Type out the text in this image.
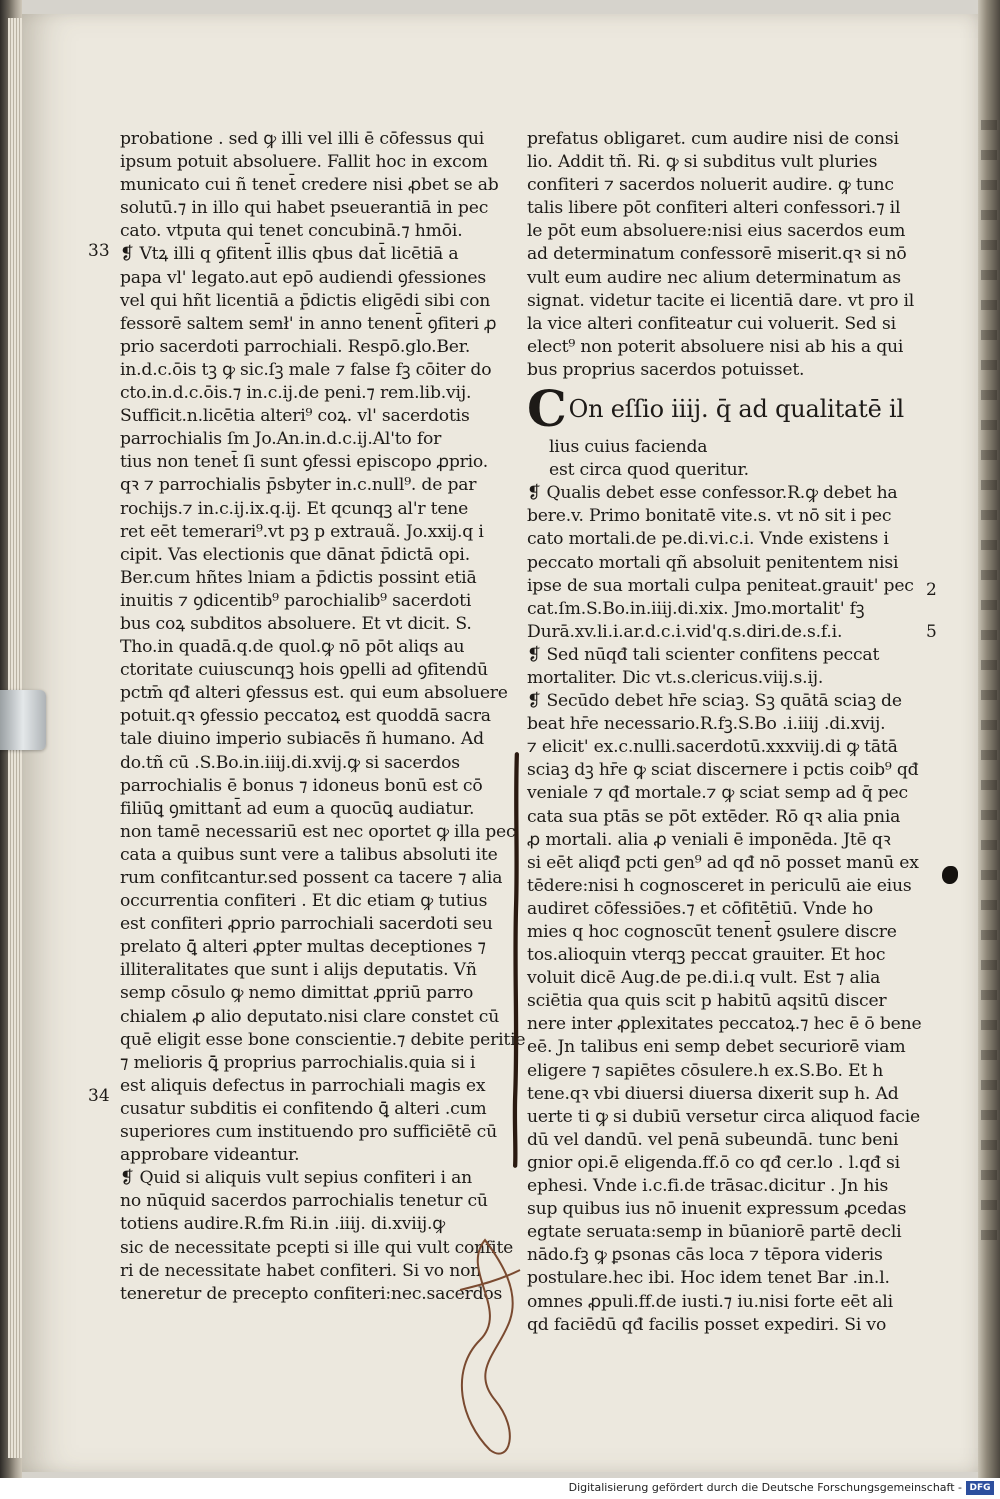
probatione . sed ꝙ illi vel illi ē cōfessus qui
ipsum potuit absoluere. Fallit hoc in excom
municato cui ñ tenet̄ credere nisi ꝓbet se ab
solutū.⁊ in illo qui habet pseuerantiā in pec
cato. vtputa qui tenet concubinā.⁊ hmōi.
❡ Vtꝝ illi q ꝯfitent̄ illis qbus dat̄ licētiā a
papa vl' legato.aut epō audiendi ꝯfessiones
vel qui hñt licentiā a p̄dictis eligēdi sibi con
fessorē saltem semł' in anno tenent̄ ꝯfiteri ꝓ
prio sacerdoti parrochiali. Respō.glo.Ber.
in.d.c.ōis tꝫ ꝙ sic.ſꝫ male ⁊ false fꝫ cōiter do
cto.in.d.c.ōis.⁊ in.c.ij.de peni.⁊ rem.lib.vij.
Sufficit.n.licētia alteri⁹ coꝝ. vl' sacerdotis
parrochialis ſm Jo.An.in.d.c.ij.Al'to for
tius non tenet̄ ſi sunt ꝯfessi episcopo ꝓprio.
qꝛ ⁊ parrochialis p̄sbyter in.c.null⁹. de par
rochijs.⁊ in.c.ij.ix.q.ij. Et qcunqꝫ al'r tene
ret eēt temerari⁹.vt pꝫ p extrauã. Jo.xxij.q i
cipit. Vas electionis que dānat p̄dictā opi.
Ber.cum hñtes lniam a p̄dictis possint etiā
inuitis ⁊ ꝯdicentib⁹ parochialib⁹ sacerdoti
bus coꝝ subditos absoluere. Et vt dicit. S.
Tho.in quadā.q.de quol.ꝙ nō pōt aliqs au
ctoritate cuiuscunqꝫ hois ꝯpelli ad ꝯfitendū
pctm̄ qđ alteri ꝯfessus est. qui eum absoluere
potuit.qꝛ ꝯfessio peccatoꝝ est quoddā sacra
tale diuino imperio subiacēs ñ humano. Ad
do.tñ cū .S.Bo.in.iiij.di.xvij.ꝙ si sacerdos
parrochialis ē bonus ⁊ idoneus bonū est cō
filiūꝗ ꝯmittant̄ ad eum a quocūꝗ audiatur.
non tamē necessariū est nec oportet ꝙ illa pec
cata a quibus sunt vere a talibus absoluti ite
rum confitcantur.sed possent ca tacere ⁊ alia
occurrentia confiteri . Et dic etiam ꝙ tutius
est confiteri ꝓprio parrochiali sacerdoti seu
prelato ꝗ̄ alteri ꝓpter multas deceptiones ⁊
illiteralitates que sunt i alijs deputatis. Vñ
semp cōsulo ꝙ nemo dimittat ꝓpriū parro
chialem ꝓ alio deputato.nisi clare constet cū
quē eligit esse bone conscientie.⁊ debite peritie
⁊ melioris ꝗ̄ proprius parrochialis.quia si i
est aliquis defectus in parrochiali magis ex
cusatur subditis ei confitendo ꝗ̄ alteri .cum
superiores cum instituendo pro sufficiētē cū
approbare videantur.
❡ Quid si aliquis vult sepius confiteri i an
no nūquid sacerdos parrochialis tenetur cū
totiens audire.R.fm Ri.in .iiij. di.xviij.ꝙ
sic de necessitate pcepti si ille qui vult confite
ri de necessitate habet confiteri. Si vo non
teneretur de precepto confiteri:nec.sacerdos
prefatus obligaret. cum audire nisi de consi
lio. Addit tñ. Ri. ꝙ si subditus vult pluries
confiteri ⁊ sacerdos noluerit audire. ꝙ tunc
talis libere pōt confiteri alteri confessori.⁊ il
le pōt eum absoluere:nisi eius sacerdos eum
ad determinatum confessorē miserit.qꝛ si nō
vult eum audire nec alium determinatum as
signat. videtur tacite ei licentiā dare. vt pro il
la vice alteri confiteatur cui voluerit. Sed si
elect⁹ non poterit absoluere nisi ab his a qui
bus proprius sacerdos potuisset.
COn eſſio iiij. q̄ ad qualitatē il
lius cuius facienda
est circa quod queritur.
❡ Qualis debet esse confessor.R.ꝙ debet ha
bere.v. Primo bonitatē vite.s. vt nō sit i pec
cato mortali.de pe.di.vi.c.i. Vnde existens i
peccato mortali qñ absoluit penitentem nisi
ipse de sua mortali culpa peniteat.grauit' pec
cat.ſm.S.Bo.in.iiij.di.xix. Jmo.mortalit' fꝫ
Durā.xv.li.i.ar.d.c.i.vid'q.s.diri.de.s.f.i.
❡ Sed nūqđ tali scienter confitens peccat
mortaliter. Dic vt.s.clericus.viij.s.ij.
❡ Secūdo debet hr̄e sciaꝫ. Sꝫ quātā sciaꝫ de
beat hr̄e necessario.R.fꝫ.S.Bo .i.iiij .di.xvij.
⁊ elicit' ex.c.nulli.sacerdotū.xxxviij.di ꝙ tātā
sciaꝫ dꝫ hr̄e ꝙ sciat discernere i pctis coib⁹ qđ
veniale ⁊ qđ mortale.⁊ ꝙ sciat semp ad q̄ pec
cata sua ptās se pōt extēder. Rō qꝛ alia pnia
ꝓ mortali. alia ꝓ veniali ē imponēda. Jtē qꝛ
si eēt aliqđ pcti gen⁹ ad qđ nō posset manū ex
tēdere:nisi h cognosceret in periculū aie eius
audiret cōfessiōes.⁊ et cōfitētiū. Vnde ho
mies q hoc cognoscūt tenent̄ ꝯsulere discre
tos.alioquin vterqꝫ peccat grauiter. Et hoc
voluit dicē Aug.de pe.di.i.q vult. Est ⁊ alia
sciētia qua quis scit p habitū aqsitū discer
nere inter ꝓplexitates peccatoꝝ.⁊ hec ē ō bene
eē. Jn talibus eni semp debet securiorē viam
eligere ⁊ sapiētes cōsulere.h ex.S.Bo. Et h
tene.qꝛ vbi diuersi diuersa dixerit sup h. Ad
uerte ti ꝙ si dubiū versetur circa aliquod facie
dū vel dandū. vel penā subeundā. tunc beni
gnior opi.ē eligenda.ff.ō co qđ cer.lo . l.qđ si
ephesi. Vnde i.c.fi.de trāsac.dicitur . Jn his
sup quibus ius nō inuenit expressum ꝓcedas
egtate seruata:semp in būaniorē partē decli
nādo.fꝫ ꝙ ꝑsonas cās loca ⁊ tēpora videris
postulare.hec ibi. Hoc idem tenet Bar .in.l.
omnes ꝓpuli.ff.de iusti.⁊ iu.nisi forte eēt ali
qd faciēdū qđ facilis posset expediri. Si vo
33
34
2
5
Digitalisierung gefördert durch die Deutsche Forschungsgemeinschaft - DFG
